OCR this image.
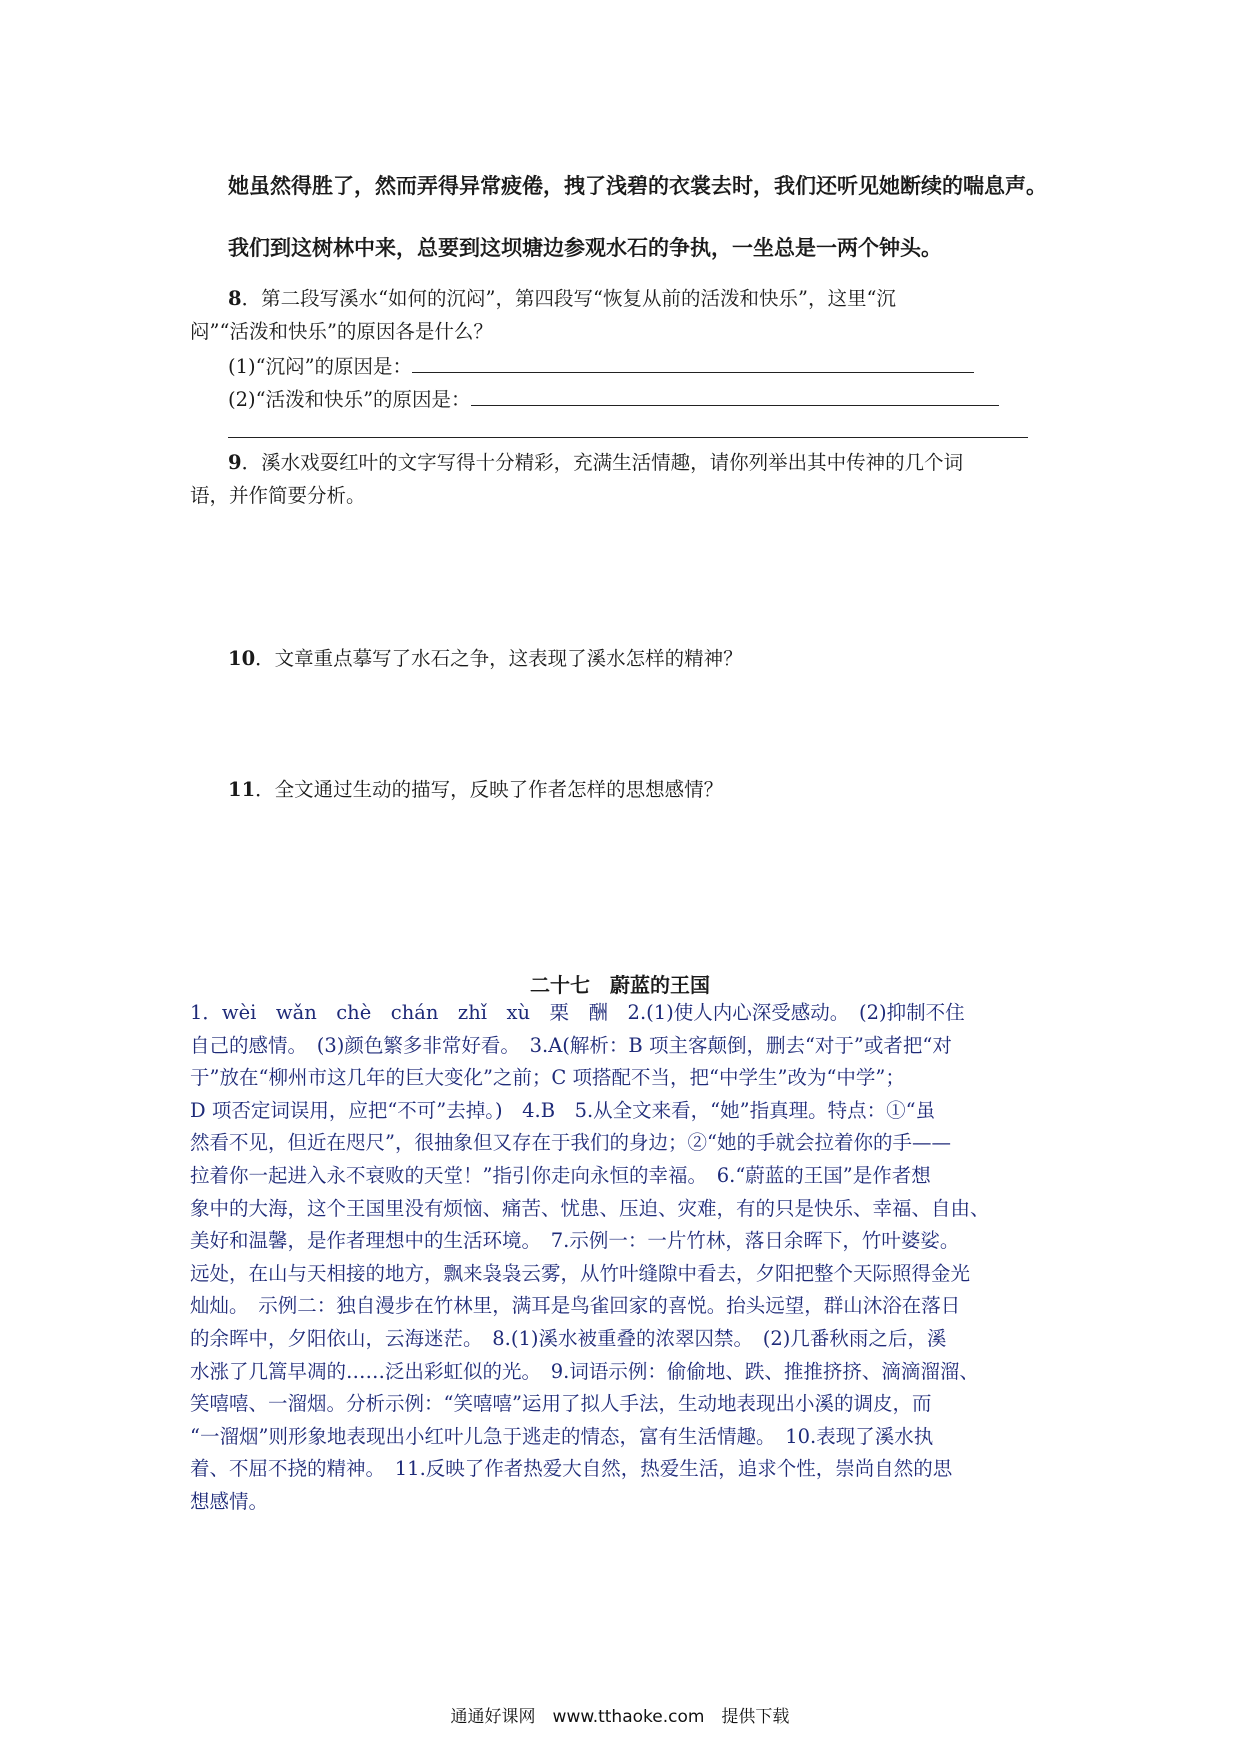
她虽然得胜了，然而弄得异常疲倦，拽了浅碧的衣裳去时，我们还听见她断续的喘息声。
我们到这树林中来，总要到这坝塘边参观水石的争执，一坐总是一两个钟头。
8．第二段写溪水“如何的沉闷”，第四段写“恢复从前的活泼和快乐”，这里“沉
闷”“活泼和快乐”的原因各是什么？
(1)“沉闷”的原因是：
(2)“活泼和快乐”的原因是：
9．溪水戏耍红叶的文字写得十分精彩，充满生活情趣，请你列举出其中传神的几个词
语，并作简要分析。
10．文章重点摹写了水石之争，这表现了溪水怎样的精神？
11．全文通过生动的描写，反映了作者怎样的思想感情？
二十七　蔚蓝的王国
1．wèi　wǎn　chè　chán　zhǐ　xù　栗　酬　2.(1)使人内心深受感动。　(2)抑制不住
自己的感情。　(3)颜色繁多非常好看。　3.A(解析：B 项主客颠倒，删去“对于”或者把“对
于”放在“柳州市这几年的巨大变化”之前；C 项搭配不当，把“中学生”改为“中学”；
D 项否定词误用，应把“不可”去掉。)　4.B　5.从全文来看，“她”指真理。特点：①“虽
然看不见，但近在咫尺”，很抽象但又存在于我们的身边；②“她的手就会拉着你的手——
拉着你一起进入永不衰败的天堂！”指引你走向永恒的幸福。　6.“蔚蓝的王国”是作者想
象中的大海，这个王国里没有烦恼、痛苦、忧患、压迫、灾难，有的只是快乐、幸福、自由、
美好和温馨，是作者理想中的生活环境。　7.示例一：一片竹林，落日余晖下，竹叶婆娑。
远处，在山与天相接的地方，飘来袅袅云雾，从竹叶缝隙中看去，夕阳把整个天际照得金光
灿灿。　示例二：独自漫步在竹林里，满耳是鸟雀回家的喜悦。抬头远望，群山沐浴在落日
的余晖中，夕阳依山，云海迷茫。　8.(1)溪水被重叠的浓翠囚禁。　(2)几番秋雨之后，溪
水涨了几篙早凋的……泛出彩虹似的光。　9.词语示例：偷偷地、跌、推推挤挤、滴滴溜溜、
笑嘻嘻、一溜烟。分析示例：“笑嘻嘻”运用了拟人手法，生动地表现出小溪的调皮，而
“一溜烟”则形象地表现出小红叶儿急于逃走的情态，富有生活情趣。　10.表现了溪水执
着、不屈不挠的精神。　11.反映了作者热爱大自然，热爱生活，追求个性，崇尚自然的思
想感情。
通通好课网　www.tthaoke.com　提供下载
